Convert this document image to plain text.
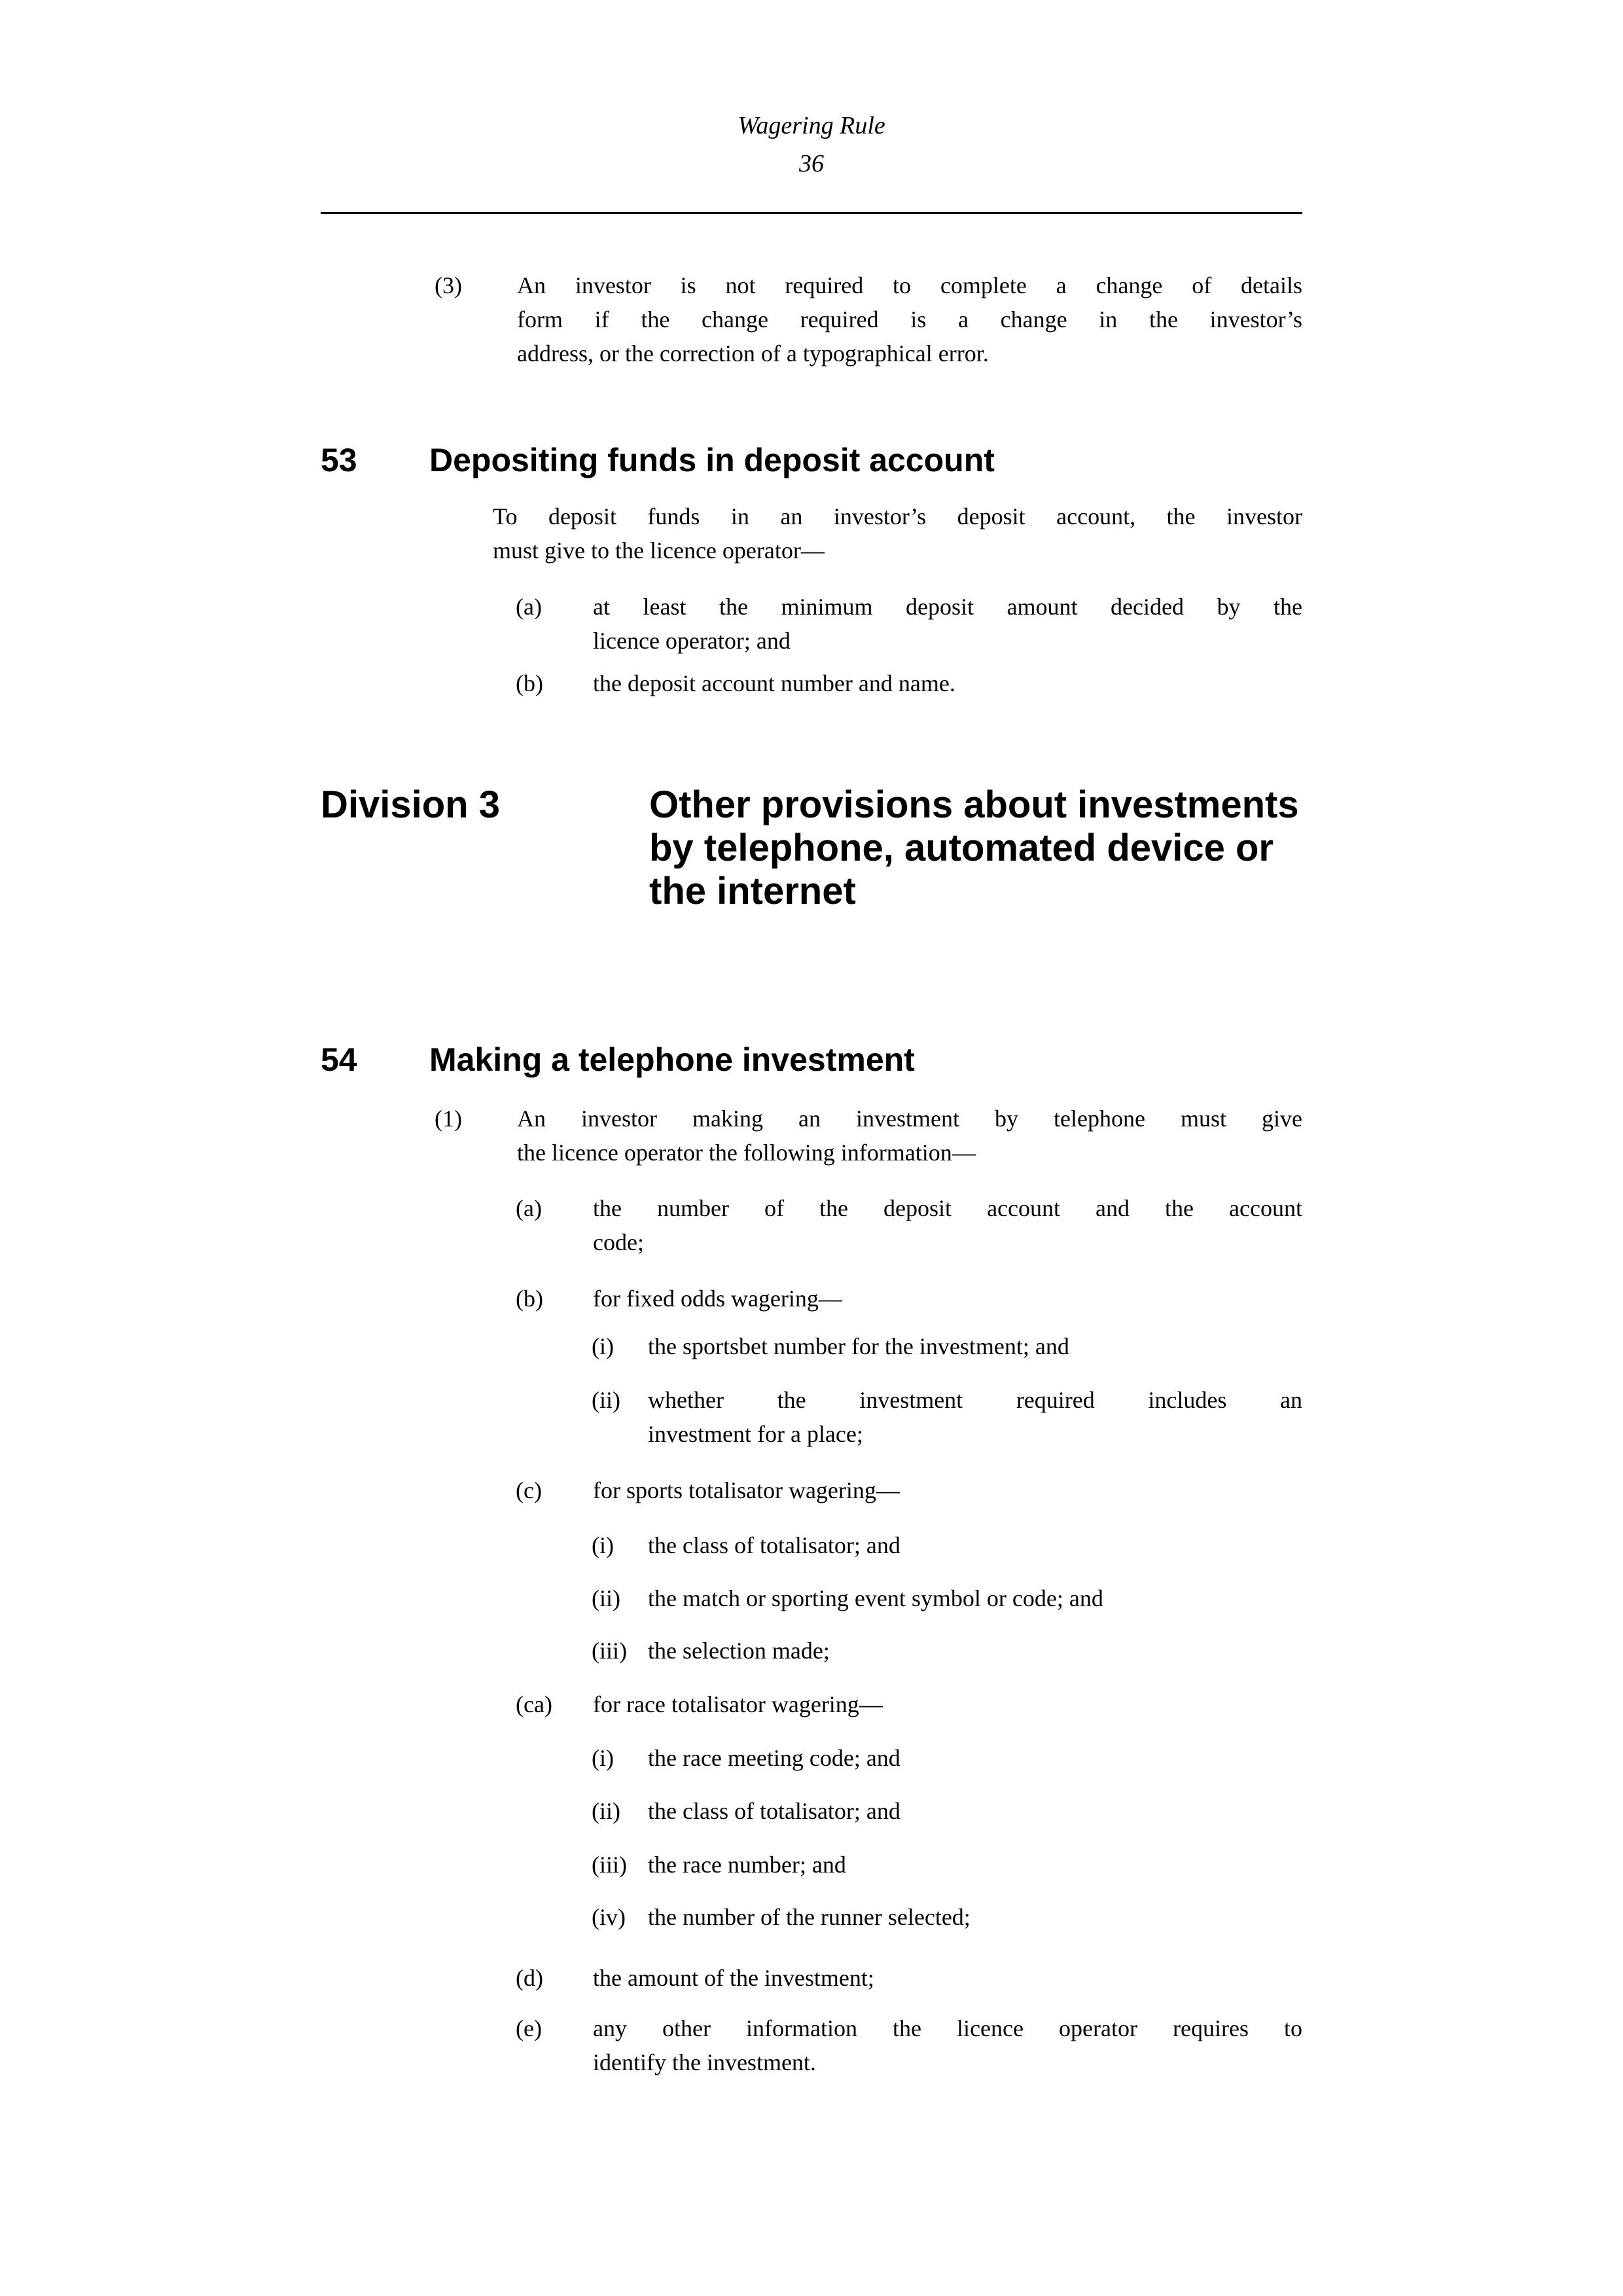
Wagering Rule
36
(3) An investor is not required to complete a change of details
form if the change required is a change in the investor’s
address, or the correction of a typographical error.
53	Depositing funds in deposit account
To deposit funds in an investor’s deposit account, the investor
must give to the licence operator—
(a) at least the minimum deposit amount decided by the
licence operator; and
(b) the deposit account number and name.
Division 3	Other provisions about investments
by telephone, automated device or
the internet
54	Making a telephone investment
(1) An investor making an investment by telephone must give
the licence operator the following information—
(a) the number of the deposit account and the account
code;
(b) for fixed odds wagering—
(i) the sportsbet number for the investment; and
(ii) whether the investment required includes an
investment for a place;
(c) for sports totalisator wagering—
(i) the class of totalisator; and
(ii) the match or sporting event symbol or code; and
(iii) the selection made;
(ca) for race totalisator wagering—
(i) the race meeting code; and
(ii) the class of totalisator; and
(iii) the race number; and
(iv) the number of the runner selected;
(d) the amount of the investment;
(e) any other information the licence operator requires to
identify the investment.
